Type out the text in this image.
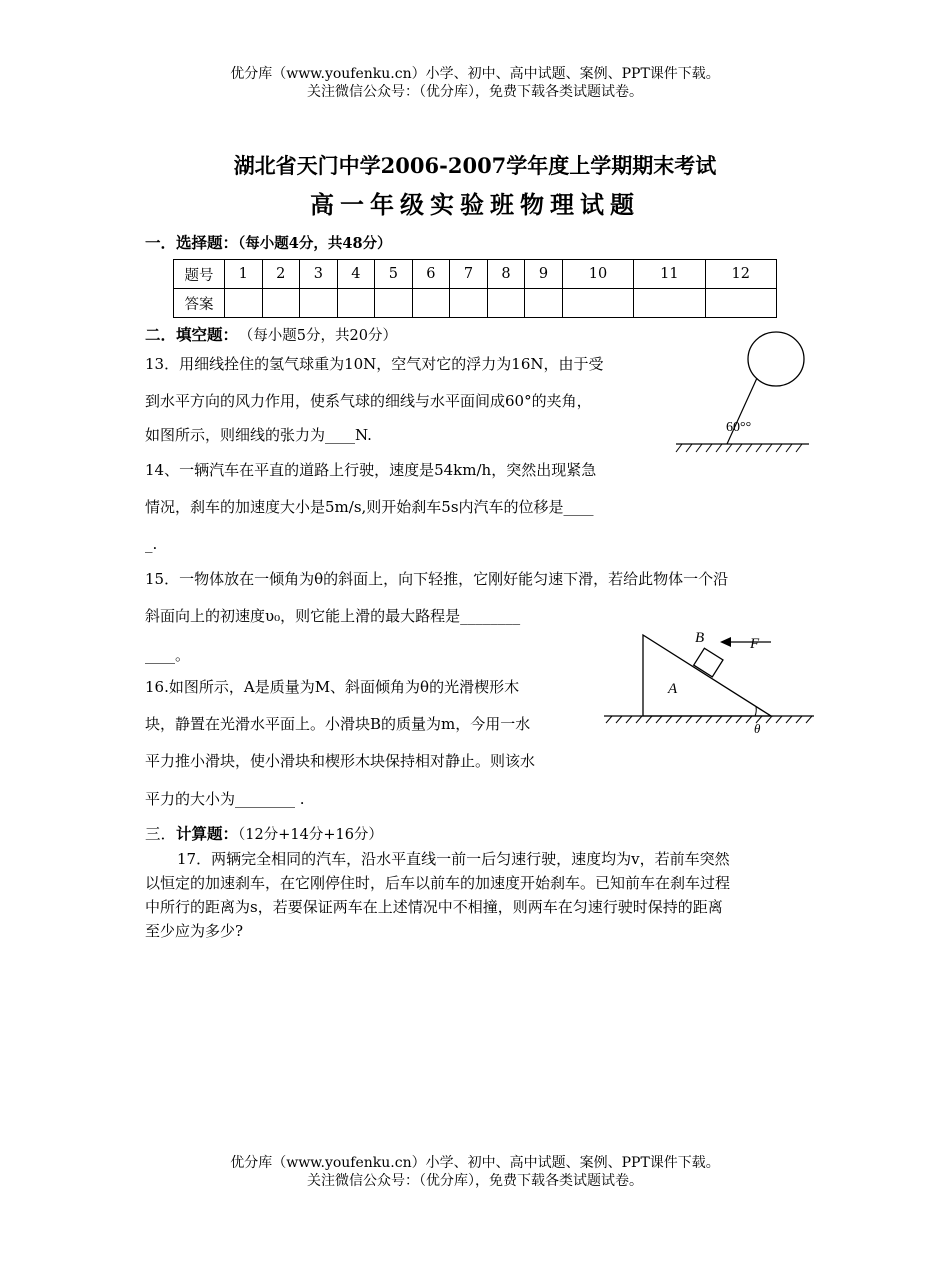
优分库（www.youfenku.cn）小学、初中、高中试题、案例、PPT课件下载。
关注微信公众号：（优分库），免费下载各类试题试卷。
湖北省天门中学2006-2007学年度上学期期末考试
高一年级实验班物理试题
一．选择题：（每小题4分，共48分）
题号	1	2	3	4	5	6	7	8	9	10	11	12
答案												
二．填空题： （每小题5分，共20分）
13．用细线拴住的氢气球重为10N，空气对它的浮力为16N，由于受
到水平方向的风力作用，使系气球的细线与水平面间成60°的夹角，
如图所示，则细线的张力为____N.	60°°
14、一辆汽车在平直的道路上行驶，速度是54km/h，突然出现紧急
情况，刹车的加速度大小是5m/s,则开始刹车5s内汽车的位移是____
_.
15．一物体放在一倾角为θ的斜面上，向下轻推，它刚好能匀速下滑，若给此物体一个沿
斜面向上的初速度υ₀，则它能上滑的最大路程是________
____。
16.如图所示，A是质量为M、斜面倾角为θ的光滑楔形木
块，静置在光滑水平面上。小滑块B的质量为m，今用一水
平力推小滑块，使小滑块和楔形木块保持相对静止。则该水
平力的大小为________ .
A
B	F
θ
三．计算题：（12分+14分+16分）
17．两辆完全相同的汽车，沿水平直线一前一后匀速行驶，速度均为v，若前车突然
以恒定的加速刹车，在它刚停住时，后车以前车的加速度开始刹车。已知前车在刹车过程
中所行的距离为s，若要保证两车在上述情况中不相撞，则两车在匀速行驶时保持的距离
至少应为多少?
优分库（www.youfenku.cn）小学、初中、高中试题、案例、PPT课件下载。
关注微信公众号：（优分库），免费下载各类试题试卷。
